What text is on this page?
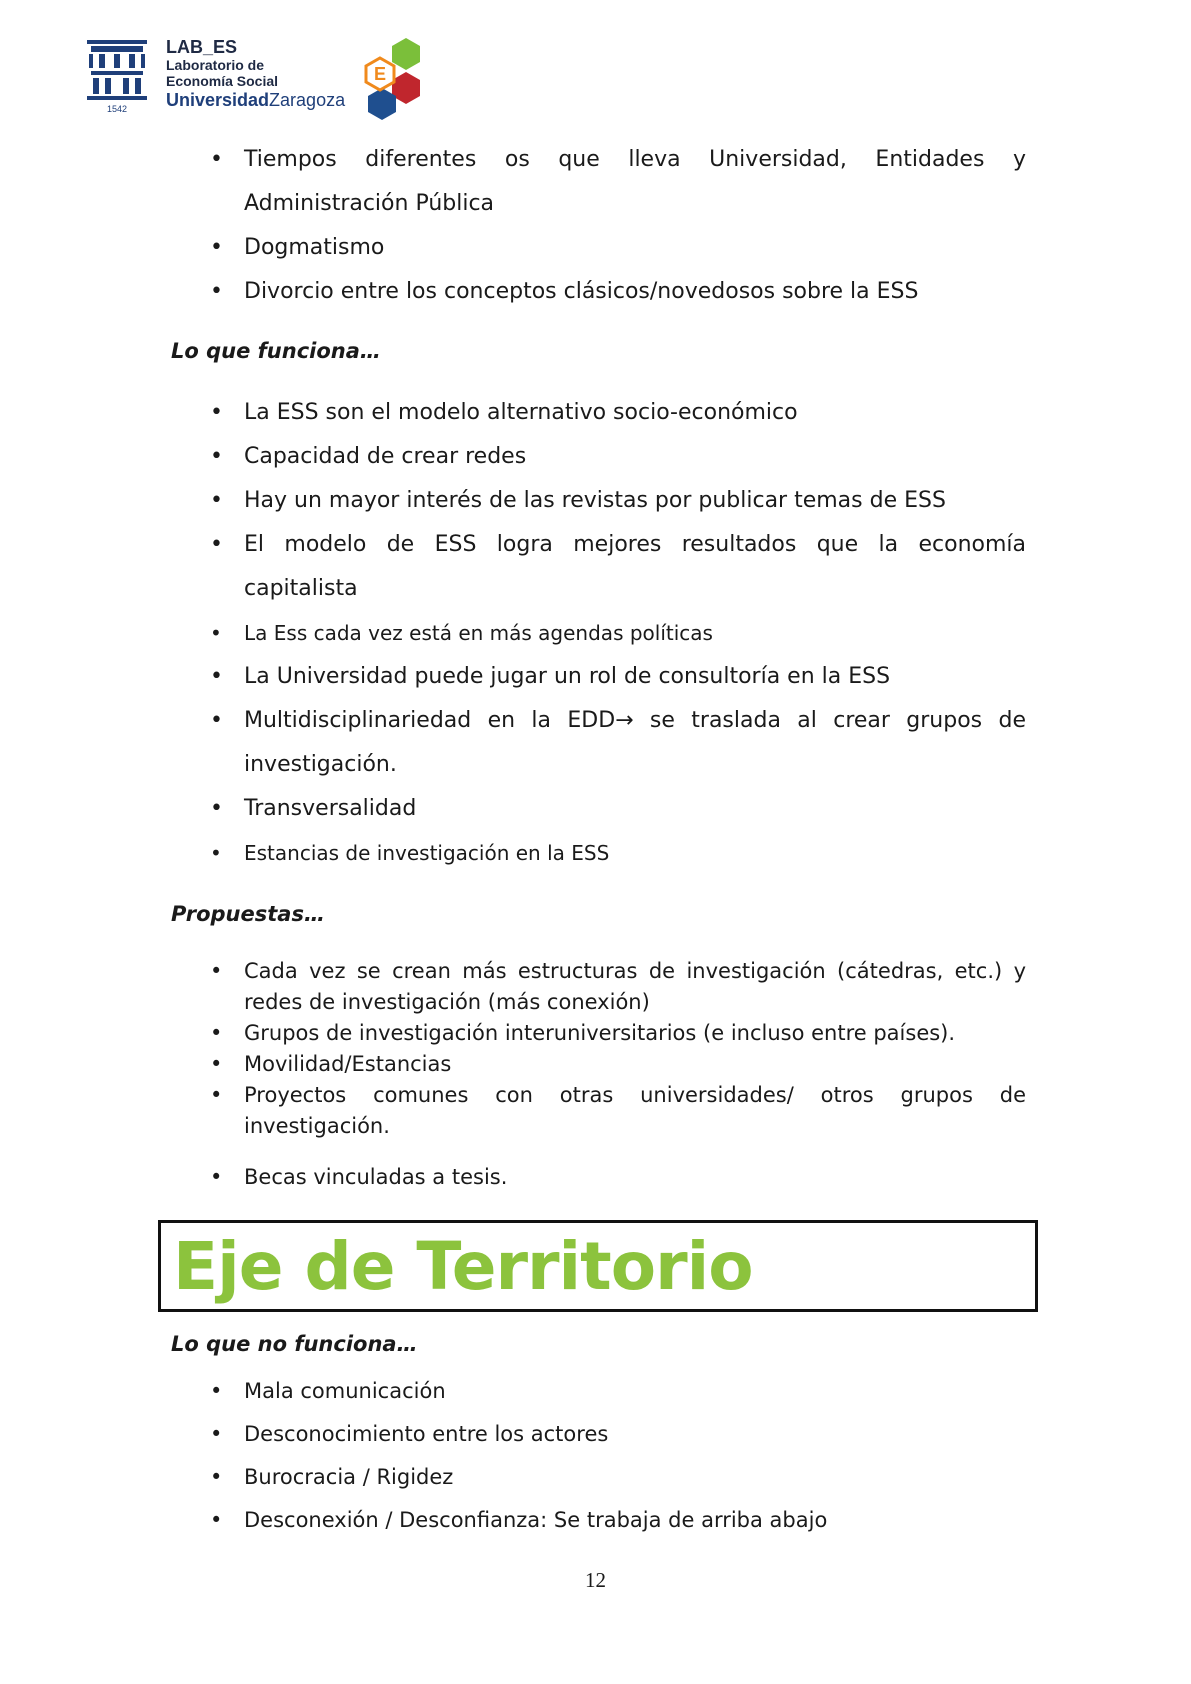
1542
LAB_ES
Laboratorio de
Economía Social
UniversidadZaragoza
E
• Tiempos diferentes os que lleva Universidad, Entidades y
Administración Pública
• Dogmatismo
• Divorcio entre los conceptos clásicos/novedosos sobre la ESS
Lo que funciona…
• La ESS son el modelo alternativo socio-económico
• Capacidad de crear redes
• Hay un mayor interés de las revistas por publicar temas de ESS
• El modelo de ESS logra mejores resultados que la economía
capitalista
• La Ess cada vez está en más agendas políticas
• La Universidad puede jugar un rol de consultoría en la ESS
• Multidisciplinariedad en la EDD→ se traslada al crear grupos de
investigación.
• Transversalidad
• Estancias de investigación en la ESS
Propuestas…
• Cada vez se crean más estructuras de investigación (cátedras, etc.) y
redes de investigación (más conexión)
• Grupos de investigación interuniversitarios (e incluso entre países).
• Movilidad/Estancias
• Proyectos comunes con otras universidades/ otros grupos de
investigación.
• Becas vinculadas a tesis.
Eje de Territorio
Lo que no funciona…
• Mala comunicación
• Desconocimiento entre los actores
• Burocracia / Rigidez
• Desconexión / Desconfianza: Se trabaja de arriba abajo
12
